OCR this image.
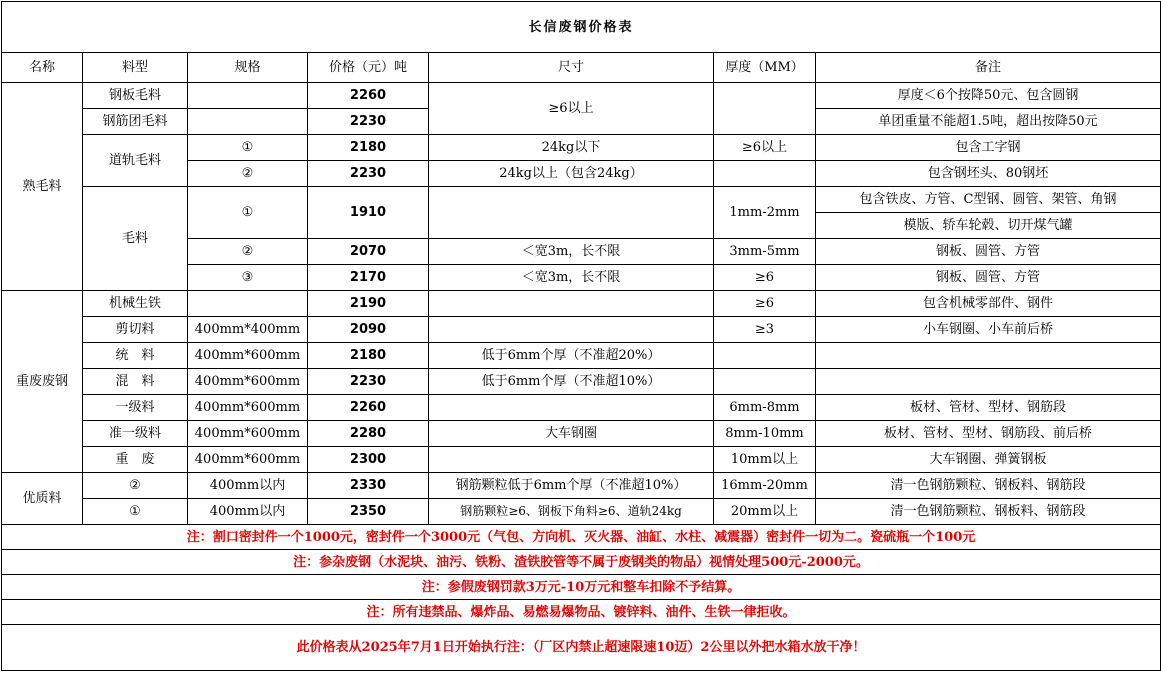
长信废钢价格表						
名称	料型	规格	价格（元）吨	尺寸	厚度（MM）	备注
熟毛料	钢板毛料		2260	≥6以上		厚度＜6个按降50元、包含圆钢
	钢筋团毛料		2230			单团重量不能超1.5吨，超出按降50元
	道轨毛料	①	2180	24kg以下	≥6以上	包含工字钢
		②	2230	24kg以上（包含24kg）		包含钢坯头、80钢坯
	毛料	①	1910		1mm-2mm	包含铁皮、方管、C型钢、圆管、架管、角钢
						模版、轿车轮毂、切开煤气罐
		②	2070	＜宽3m，长不限	3mm-5mm	钢板、圆管、方管
		③	2170	＜宽3m，长不限	≥6	钢板、圆管、方管
重废废钢	机械生铁		2190		≥6	包含机械零部件、钢件
	剪切料	400mm*400mm	2090		≥3	小车钢圈、小车前后桥
	统　料	400mm*600mm	2180	低于6mm个厚（不准超20%）		
	混　料	400mm*600mm	2230	低于6mm个厚（不准超10%）		
	一级料	400mm*600mm	2260		6mm-8mm	板材、管材、型材、钢筋段
	准一级料	400mm*600mm	2280	大车钢圈	8mm-10mm	板材、管材、型材、钢筋段、前后桥
	重　废	400mm*600mm	2300		10mm以上	大车钢圈、弹簧钢板
优质料	②	400mm以内	2330	钢筋颗粒低于6mm个厚（不准超10%）	16mm-20mm	清一色钢筋颗粒、钢板料、钢筋段
	①	400mm以内	2350	钢筋颗粒≥6、钢板下角料≥6、道轨24kg	20mm以上	清一色钢筋颗粒、钢板料、钢筋段
注：割口密封件一个1000元，密封件一个3000元（气包、方向机、灭火器、油缸、水柱、减震器）密封件一切为二。瓷硫瓶一个100元						
注：参杂废钢（水泥块、油污、铁粉、渣铁胶管等不属于废钢类的物品）视情处理500元-2000元。						
注：参假废钢罚款3万元-10万元和整车扣除不予结算。						
注：所有违禁品、爆炸品、易燃易爆物品、镀锌料、油件、生铁一律拒收。						
此价格表从2025年7月1日开始执行注：（厂区内禁止超速限速10迈）2公里以外把水箱水放干净！						
